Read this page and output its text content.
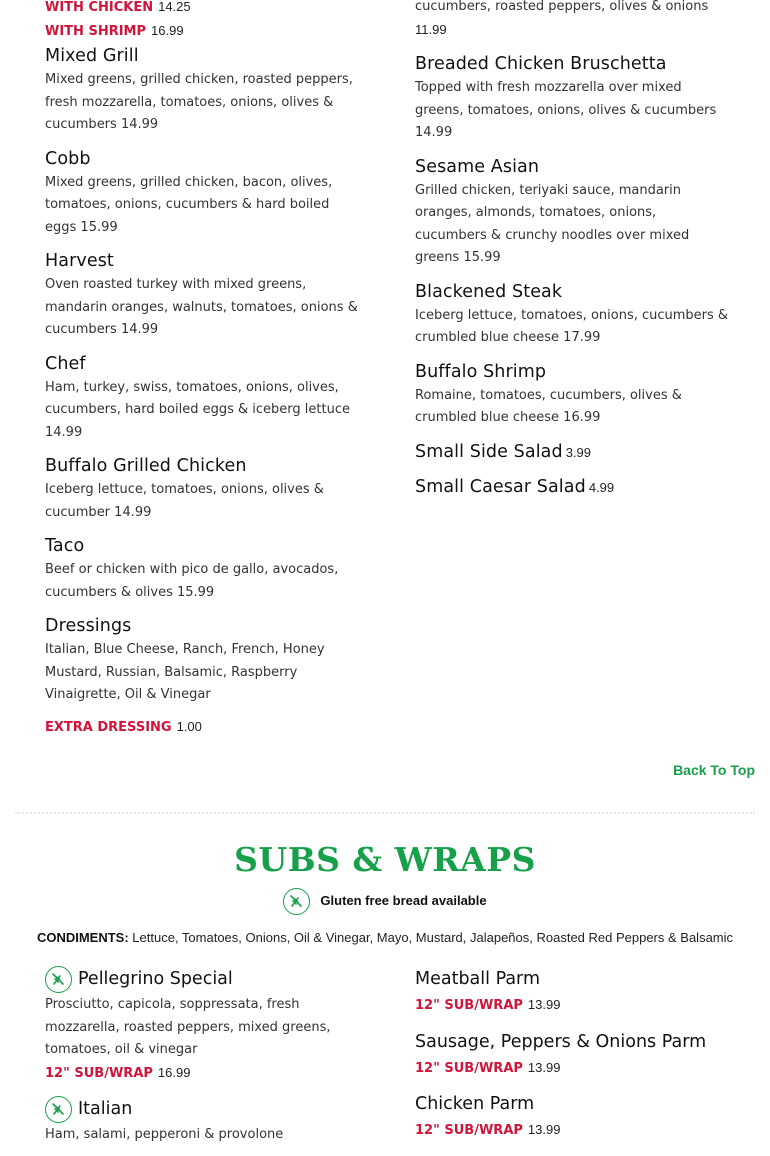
WITH CHICKEN 14.25
WITH SHRIMP 16.99
Mixed Grill
Mixed greens, grilled chicken, roasted peppers, fresh mozzarella, tomatoes, onions, olives & cucumbers 14.99
Cobb
Mixed greens, grilled chicken, bacon, olives, tomatoes, onions, cucumbers & hard boiled eggs 15.99
Harvest
Oven roasted turkey with mixed greens, mandarin oranges, walnuts, tomatoes, onions & cucumbers 14.99
Chef
Ham, turkey, swiss, tomatoes, onions, olives, cucumbers, hard boiled eggs & iceberg lettuce 14.99
Buffalo Grilled Chicken
Iceberg lettuce, tomatoes, onions, olives & cucumber 14.99
Taco
Beef or chicken with pico de gallo, avocados, cucumbers & olives 15.99
Dressings
Italian, Blue Cheese, Ranch, French, Honey Mustard, Russian, Balsamic, Raspberry Vinaigrette, Oil & Vinegar
EXTRA DRESSING 1.00
cucumbers, roasted peppers, olives & onions
11.99
Breaded Chicken Bruschetta
Topped with fresh mozzarella over mixed greens, tomatoes, onions, olives & cucumbers 14.99
Sesame Asian
Grilled chicken, teriyaki sauce, mandarin oranges, almonds, tomatoes, onions, cucumbers & crunchy noodles over mixed greens 15.99
Blackened Steak
Iceberg lettuce, tomatoes, onions, cucumbers & crumbled blue cheese 17.99
Buffalo Shrimp
Romaine, tomatoes, cucumbers, olives & crumbled blue cheese 16.99
Small Side Salad 3.99
Small Caesar Salad 4.99
Back To Top
SUBS & WRAPS
Gluten free bread available
CONDIMENTS: Lettuce, Tomatoes, Onions, Oil & Vinegar, Mayo, Mustard, Jalapeños, Roasted Red Peppers & Balsamic
Pellegrino Special
Prosciutto, capicola, soppressata, fresh mozzarella, roasted peppers, mixed greens, tomatoes, oil & vinegar
12" SUB/WRAP 16.99
Italian
Ham, salami, pepperoni & provolone
Meatball Parm
12" SUB/WRAP 13.99
Sausage, Peppers & Onions Parm
12" SUB/WRAP 13.99
Chicken Parm
12" SUB/WRAP 13.99
